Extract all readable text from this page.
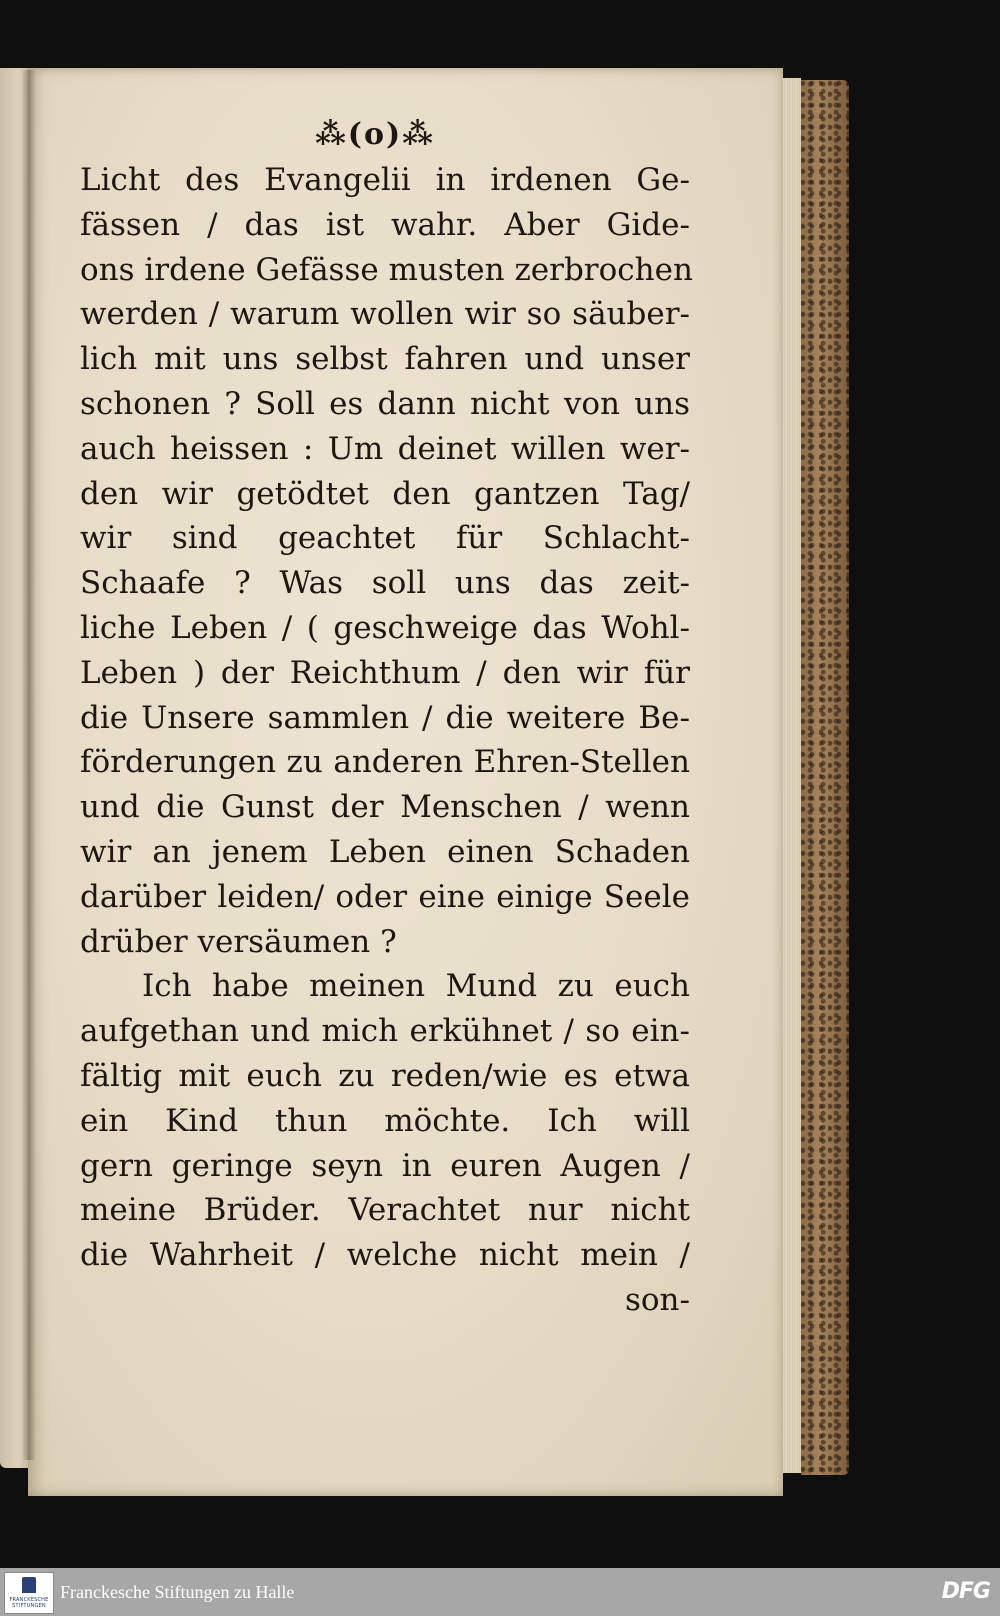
⁂(o)⁂
Licht des Evangelii in irdenen Ge-
fässen / das ist wahr. Aber Gide-
ons irdene Gefässe musten zerbrochen
werden / warum wollen wir so säuber-
lich mit uns selbst fahren und unser
schonen ? Soll es dann nicht von uns
auch heissen : Um deinet willen wer-
den wir getödtet den gantzen Tag/
wir sind geachtet für Schlacht-
Schaafe ? Was soll uns das zeit-
liche Leben / ( geschweige das Wohl-
Leben ) der Reichthum / den wir für
die Unsere sammlen / die weitere Be-
förderungen zu anderen Ehren-Stellen
und die Gunst der Menschen / wenn
wir an jenem Leben einen Schaden
darüber leiden/ oder eine einige Seele
drüber versäumen ?
Ich habe meinen Mund zu euch
aufgethan und mich erkühnet / so ein-
fältig mit euch zu reden/wie es etwa
ein Kind thun möchte. Ich will
gern geringe seyn in euren Augen /
meine Brüder. Verachtet nur nicht
die Wahrheit / welche nicht mein /
son-
FRANCKESCHE STIFTUNGEN
Franckesche Stiftungen zu Halle	DFG
